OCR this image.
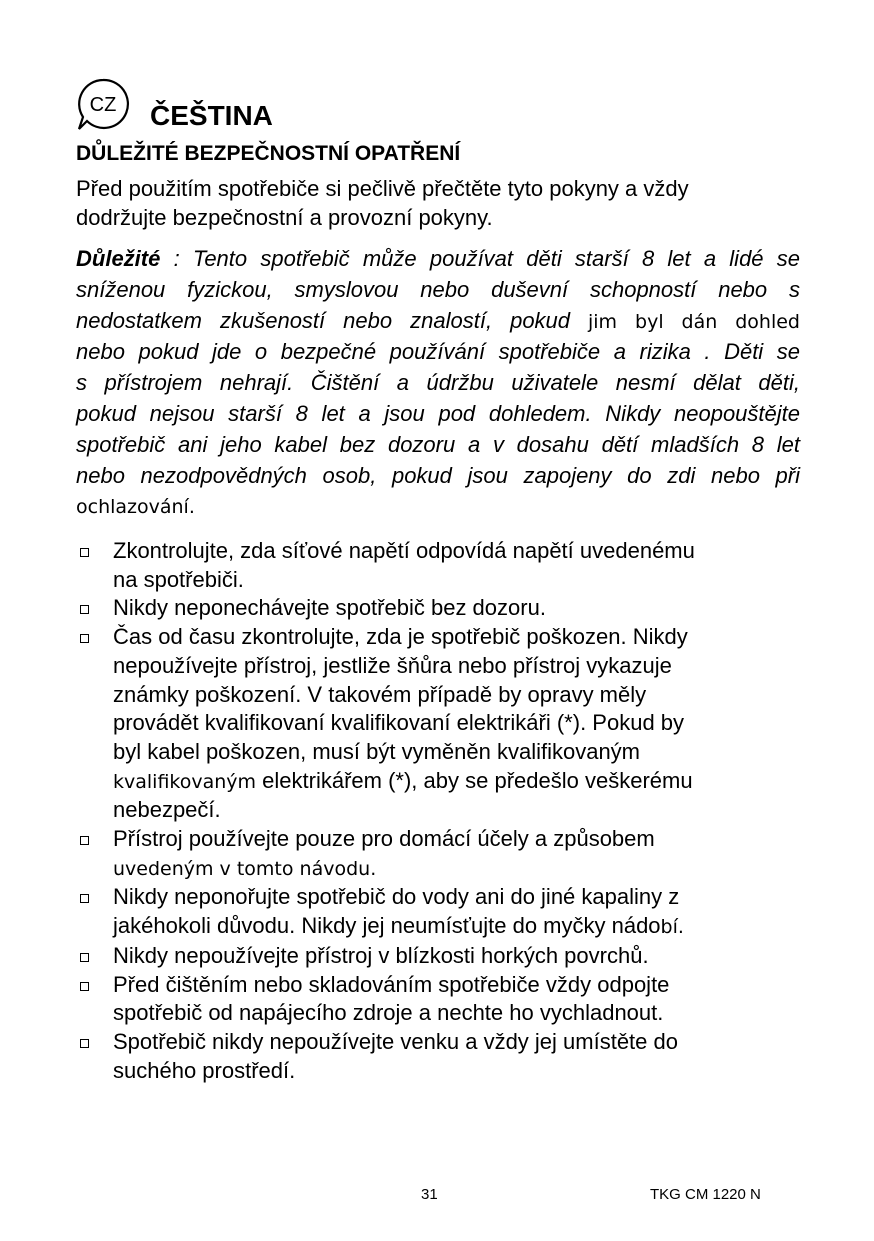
CZ ČEŠTINA
DŮLEŽITÉ BEZPEČNOSTNÍ OPATŘENÍ
Před použitím spotřebiče si pečlivě přečtěte tyto pokyny a vždy
dodržujte bezpečnostní a provozní pokyny.
Důležité : Tento spotřebič může používat děti starší 8 let a lidé se
sníženou fyzickou, smyslovou nebo duševní schopností nebo s
nedostatkem zkušeností nebo znalostí, pokud jim byl dán dohled
nebo pokud jde o bezpečné používání spotřebiče a rizika . Děti se
s přístrojem nehrají. Čištění a údržbu uživatele nesmí dělat děti,
pokud nejsou starší 8 let a jsou pod dohledem. Nikdy neopouštějte
spotřebič ani jeho kabel bez dozoru a v dosahu dětí mladších 8 let
nebo nezodpovědných osob, pokud jsou zapojeny do zdi nebo při
ochlazování.
Zkontrolujte, zda síťové napětí odpovídá napětí uvedenému
na spotřebiči.
Nikdy neponechávejte spotřebič bez dozoru.
Čas od času zkontrolujte, zda je spotřebič poškozen. Nikdy
nepoužívejte přístroj, jestliže šňůra nebo přístroj vykazuje
známky poškození. V takovém případě by opravy měly
provádět kvalifikovaní kvalifikovaní elektrikáři (*). Pokud by
byl kabel poškozen, musí být vyměněn kvalifikovaným
kvalifikovaným elektrikářem (*), aby se předešlo veškerému
nebezpečí.
Přístroj používejte pouze pro domácí účely a způsobem
uvedeným v tomto návodu.
Nikdy neponořujte spotřebič do vody ani do jiné kapaliny z
jakéhokoli důvodu. Nikdy jej neumísťujte do myčky nádobí.
Nikdy nepoužívejte přístroj v blízkosti horkých povrchů.
Před čištěním nebo skladováním spotřebiče vždy odpojte
spotřebič od napájecího zdroje a nechte ho vychladnout.
Spotřebič nikdy nepoužívejte venku a vždy jej umístěte do
suchého prostředí.
31	TKG CM 1220 N
